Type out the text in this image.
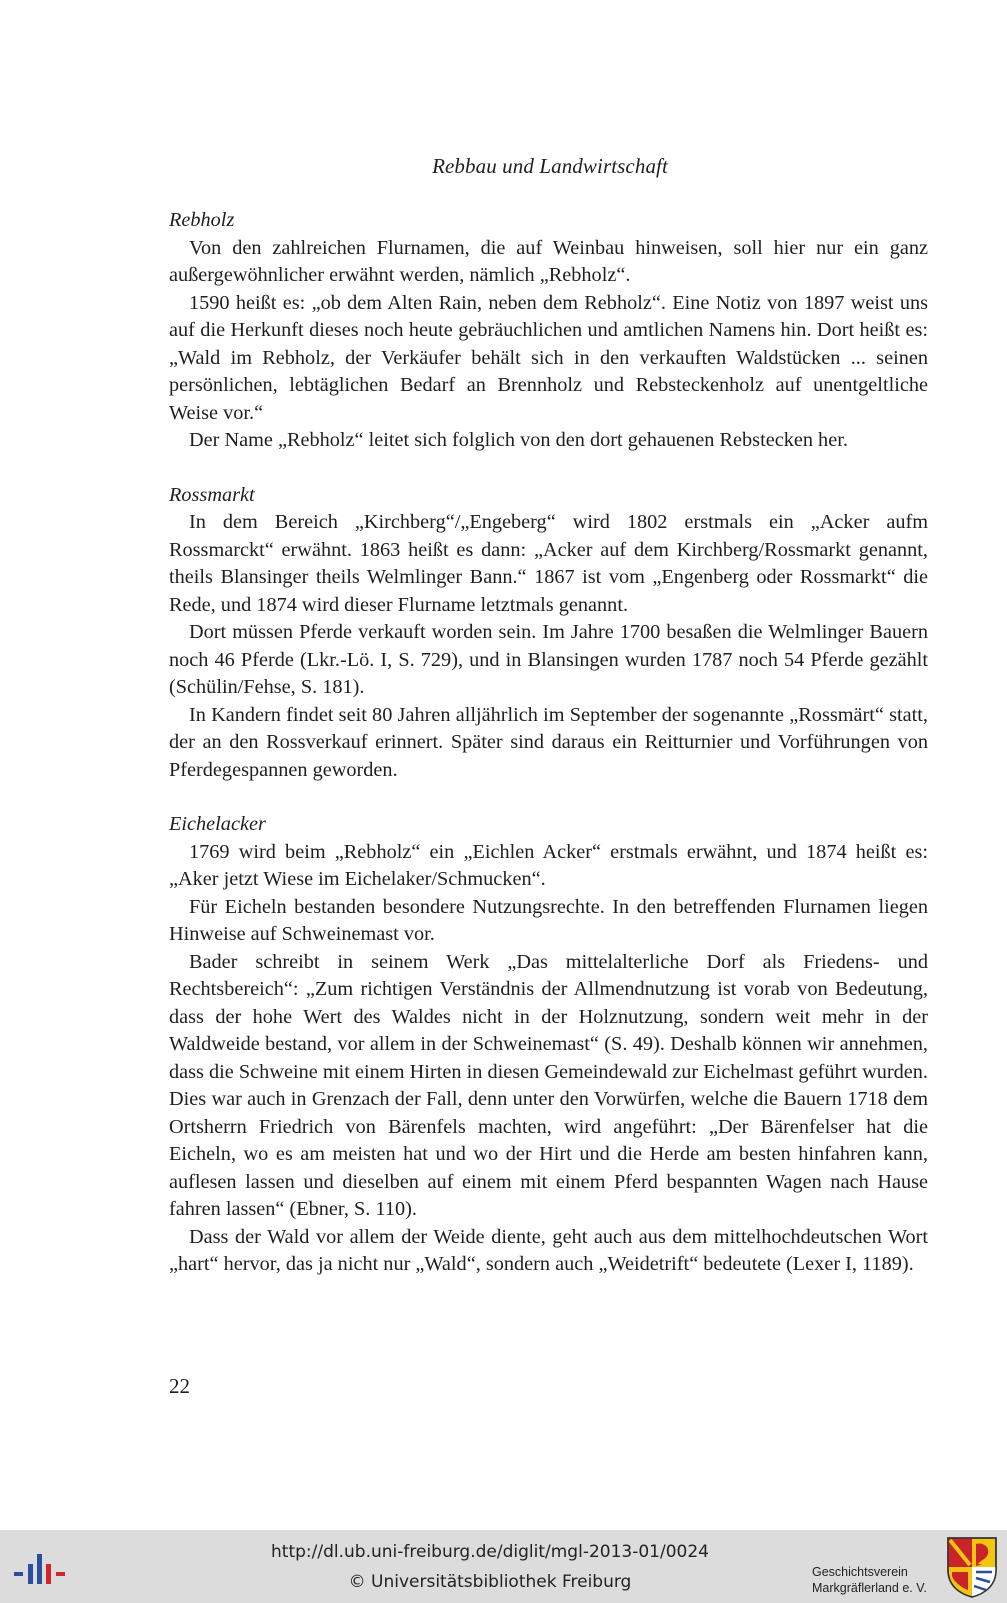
Rebbau und Landwirtschaft

Rebholz

Von den zahlreichen Flurnamen, die auf Weinbau hinweisen, soll hier nur ein ganz außergewöhnlicher erwähnt werden, nämlich „Rebholz“.

1590 heißt es: „ob dem Alten Rain, neben dem Rebholz“. Eine Notiz von 1897 weist uns auf die Herkunft dieses noch heute gebräuchlichen und amtlichen Namens hin. Dort heißt es: „Wald im Rebholz, der Verkäufer behält sich in den verkauften Waldstücken ... seinen persönlichen, lebtäglichen Bedarf an Brennholz und Rebsteckenholz auf unentgeltliche Weise vor.“

Der Name „Rebholz“ leitet sich folglich von den dort gehauenen Rebstecken her.

Rossmarkt

In dem Bereich „Kirchberg“/„Engeberg“ wird 1802 erstmals ein „Acker aufm Rossmarckt“ erwähnt. 1863 heißt es dann: „Acker auf dem Kirchberg/Rossmarkt genannt, theils Blansinger theils Welmlinger Bann.“ 1867 ist vom „Engenberg oder Rossmarkt“ die Rede, und 1874 wird dieser Flurname letztmals genannt.

Dort müssen Pferde verkauft worden sein. Im Jahre 1700 besaßen die Welmlinger Bauern noch 46 Pferde (Lkr.-Lö. I, S. 729), und in Blansingen wurden 1787 noch 54 Pferde gezählt (Schülin/Fehse, S. 181).

In Kandern findet seit 80 Jahren alljährlich im September der sogenannte „Rossmärt“ statt, der an den Rossverkauf erinnert. Später sind daraus ein Reitturnier und Vorführungen von Pferdegespannen geworden.

Eichelacker

1769 wird beim „Rebholz“ ein „Eichlen Acker“ erstmals erwähnt, und 1874 heißt es: „Aker jetzt Wiese im Eichelaker/Schmucken“.

Für Eicheln bestanden besondere Nutzungsrechte. In den betreffenden Flurnamen liegen Hinweise auf Schweinemast vor.

Bader schreibt in seinem Werk „Das mittelalterliche Dorf als Friedens- und Rechtsbereich“: „Zum richtigen Verständnis der Allmendnutzung ist vorab von Bedeutung, dass der hohe Wert des Waldes nicht in der Holznutzung, sondern weit mehr in der Waldweide bestand, vor allem in der Schweinemast“ (S. 49). Deshalb können wir annehmen, dass die Schweine mit einem Hirten in diesen Gemeindewald zur Eichelmast geführt wurden. Dies war auch in Grenzach der Fall, denn unter den Vorwürfen, welche die Bauern 1718 dem Ortsherrn Friedrich von Bärenfels machten, wird angeführt: „Der Bärenfelser hat die Eicheln, wo es am meisten hat und wo der Hirt und die Herde am besten hinfahren kann, auflesen lassen und dieselben auf einem mit einem Pferd bespannten Wagen nach Hause fahren lassen“ (Ebner, S. 110).

Dass der Wald vor allem der Weide diente, geht auch aus dem mittelhochdeutschen Wort „hart“ hervor, das ja nicht nur „Wald“, sondern auch „Weidetrift“ bedeutete (Lexer I, 1189).

22
http://dl.ub.uni-freiburg.de/diglit/mgl-2013-01/0024
© Universitätsbibliothek Freiburg	Geschichtsverein
Markgräflerland e. V.
